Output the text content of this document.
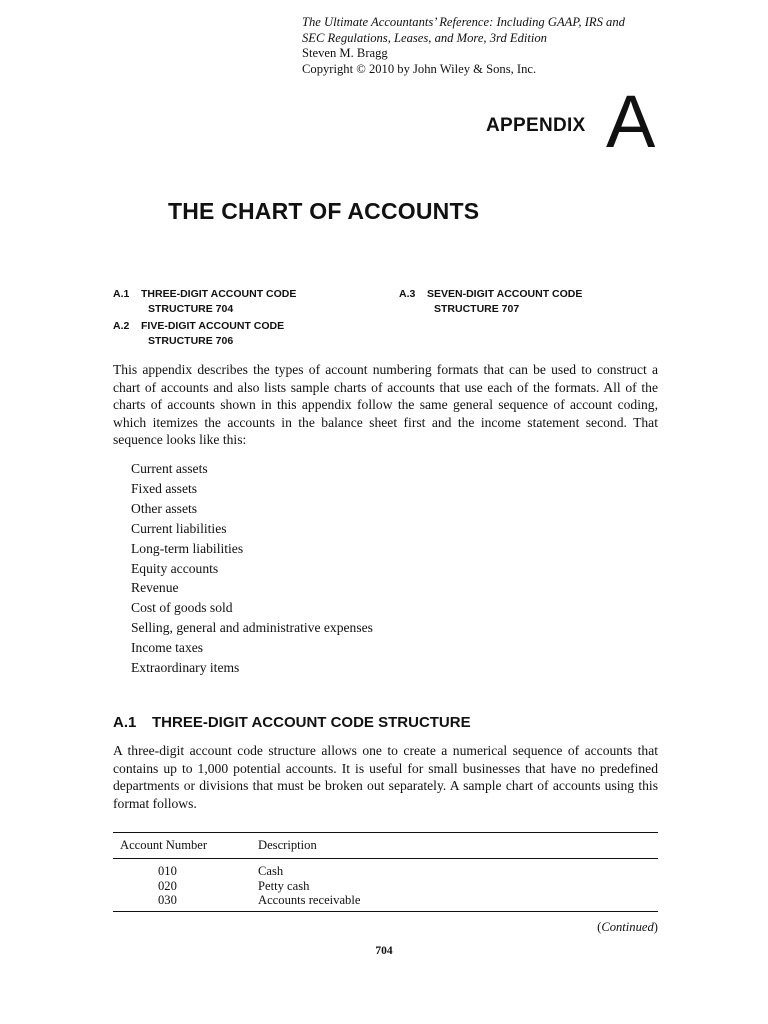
The Ultimate Accountants’ Reference: Including GAAP, IRS and
SEC Regulations, Leases, and More, 3rd Edition
Steven M. Bragg
Copyright © 2010 by John Wiley & Sons, Inc.
APPENDIX A
THE CHART OF ACCOUNTS
A.1 THREE-DIGIT ACCOUNT CODE
STRUCTURE 704
A.2 FIVE-DIGIT ACCOUNT CODE
STRUCTURE 706
A.3 SEVEN-DIGIT ACCOUNT CODE
STRUCTURE 707
This appendix describes the types of account numbering formats that can be used to construct a chart of accounts and also lists sample charts of accounts that use each of the formats. All of the charts of accounts shown in this appendix follow the same general sequence of account coding, which itemizes the accounts in the balance sheet first and the income statement second. That sequence looks like this:
Current assets
Fixed assets
Other assets
Current liabilities
Long-term liabilities
Equity accounts
Revenue
Cost of goods sold
Selling, general and administrative expenses
Income taxes
Extraordinary items
A.1 THREE-DIGIT ACCOUNT CODE STRUCTURE
A three-digit account code structure allows one to create a numerical sequence of accounts that contains up to 1,000 potential accounts. It is useful for small businesses that have no predefined departments or divisions that must be broken out separately. A sample chart of accounts using this format follows.
Account Number	Description
010	Cash
020	Petty cash
030	Accounts receivable
(Continued)
704
